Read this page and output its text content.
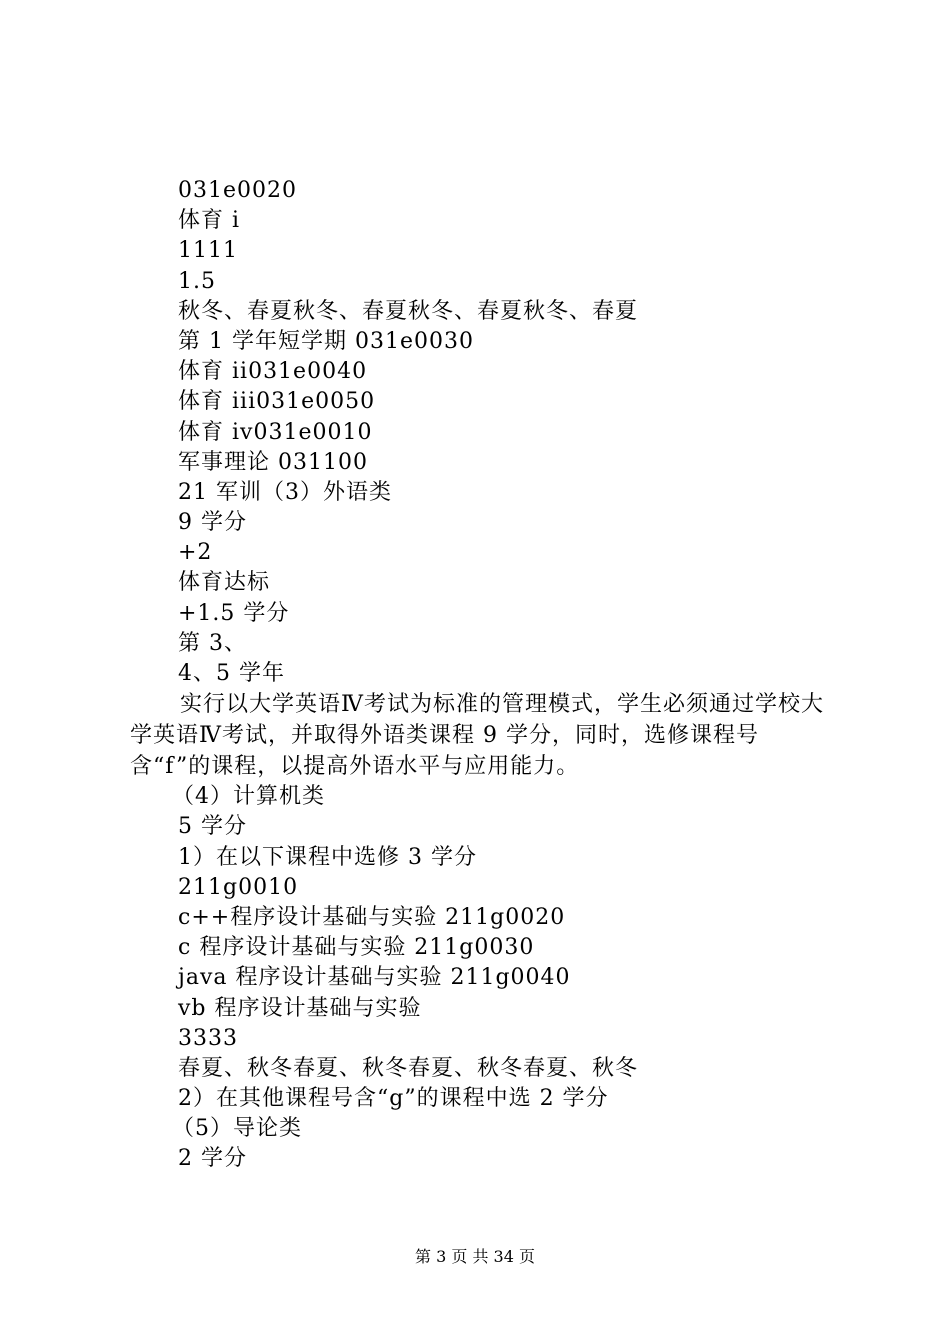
031e0020
体育 i
1111
1.5
秋冬、春夏秋冬、春夏秋冬、春夏秋冬、春夏
第 1 学年短学期 031e0030
体育 ii031e0040
体育 iii031e0050
体育 iv031e0010
军事理论 031100
21 军训（3）外语类
9 学分
+2
体育达标
+1.5 学分
第 3、
4、5 学年
实行以大学英语Ⅳ考试为标准的管理模式，学生必须通过学校大学英语Ⅳ考试，并取得外语类课程 9 学分，同时，选修课程号含“f”的课程，以提高外语水平与应用能力。
（4）计算机类
5 学分
1）在以下课程中选修 3 学分
211g0010
c++程序设计基础与实验 211g0020
c 程序设计基础与实验 211g0030
java 程序设计基础与实验 211g0040
vb 程序设计基础与实验
3333
春夏、秋冬春夏、秋冬春夏、秋冬春夏、秋冬
2）在其他课程号含“g”的课程中选 2 学分
（5）导论类
2 学分
第 3 页 共 34 页
